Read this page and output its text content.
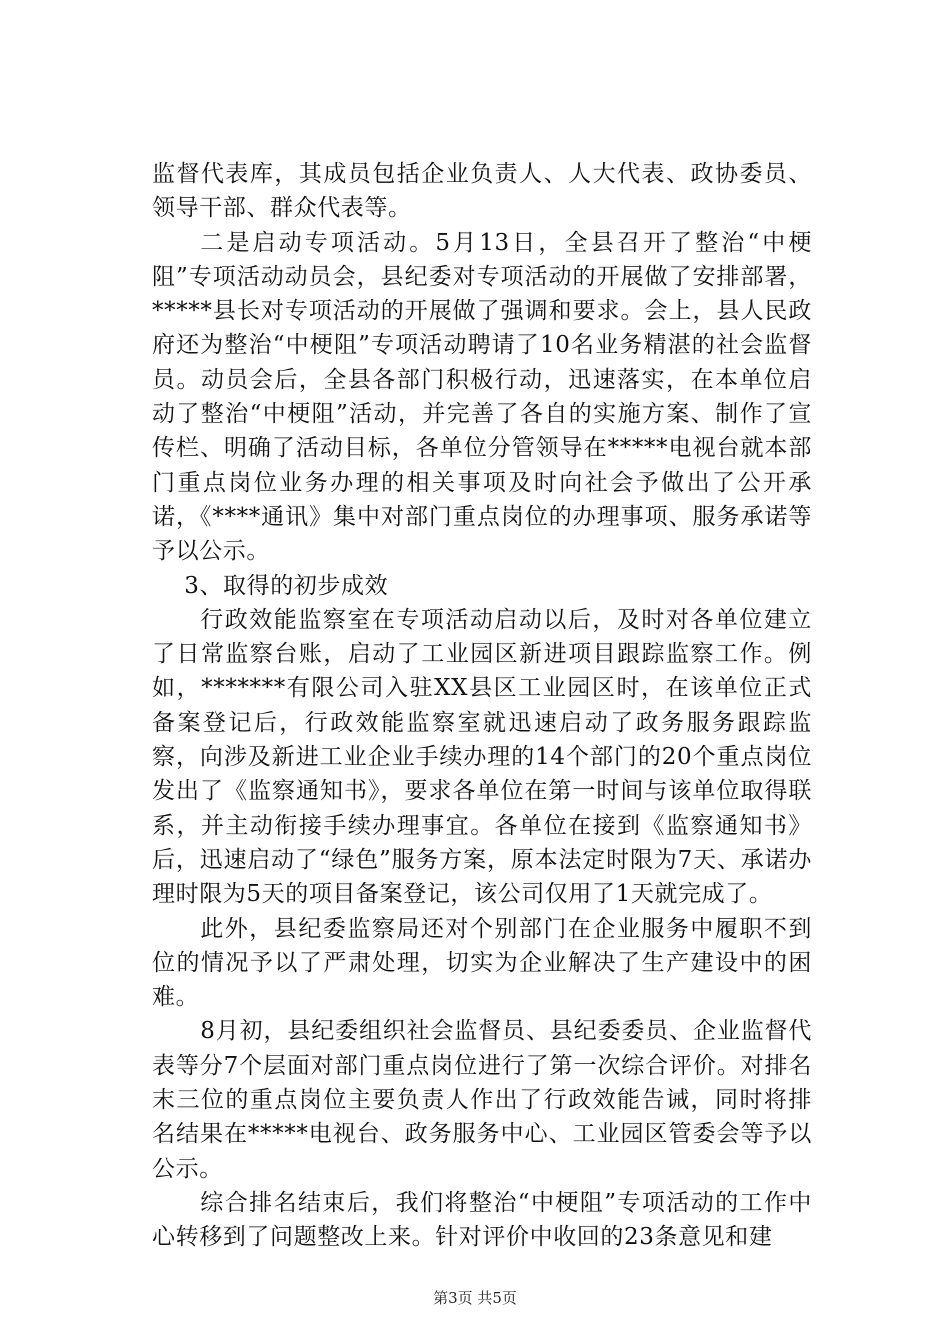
监督代表库，其成员包括企业负责人、人大代表、政协委员、领导干部、群众代表等。

二是启动专项活动。5月13日，全县召开了整治“中梗阻”专项活动动员会，县纪委对专项活动的开展做了安排部署，*****县长对专项活动的开展做了强调和要求。会上，县人民政府还为整治“中梗阻”专项活动聘请了10名业务精湛的社会监督员。动员会后，全县各部门积极行动，迅速落实，在本单位启动了整治“中梗阻”活动，并完善了各自的实施方案、制作了宣传栏、明确了活动目标，各单位分管领导在*****电视台就本部门重点岗位业务办理的相关事项及时向社会予做出了公开承诺，《****通讯》集中对部门重点岗位的办理事项、服务承诺等予以公示。

3、取得的初步成效

行政效能监察室在专项活动启动以后，及时对各单位建立了日常监察台账，启动了工业园区新进项目跟踪监察工作。例如，*******有限公司入驻XX县区工业园区时，在该单位正式备案登记后，行政效能监察室就迅速启动了政务服务跟踪监察，向涉及新进工业企业手续办理的14个部门的20个重点岗位发出了《监察通知书》，要求各单位在第一时间与该单位取得联系，并主动衔接手续办理事宜。各单位在接到《监察通知书》后，迅速启动了“绿色”服务方案，原本法定时限为7天、承诺办理时限为5天的项目备案登记，该公司仅用了1天就完成了。

此外，县纪委监察局还对个别部门在企业服务中履职不到位的情况予以了严肃处理，切实为企业解决了生产建设中的困难。

8月初，县纪委组织社会监督员、县纪委委员、企业监督代表等分7个层面对部门重点岗位进行了第一次综合评价。对排名末三位的重点岗位主要负责人作出了行政效能告诫，同时将排名结果在*****电视台、政务服务中心、工业园区管委会等予以公示。

综合排名结束后，我们将整治“中梗阻”专项活动的工作中心转移到了问题整改上来。针对评价中收回的23条意见和建

第3页 共5页
